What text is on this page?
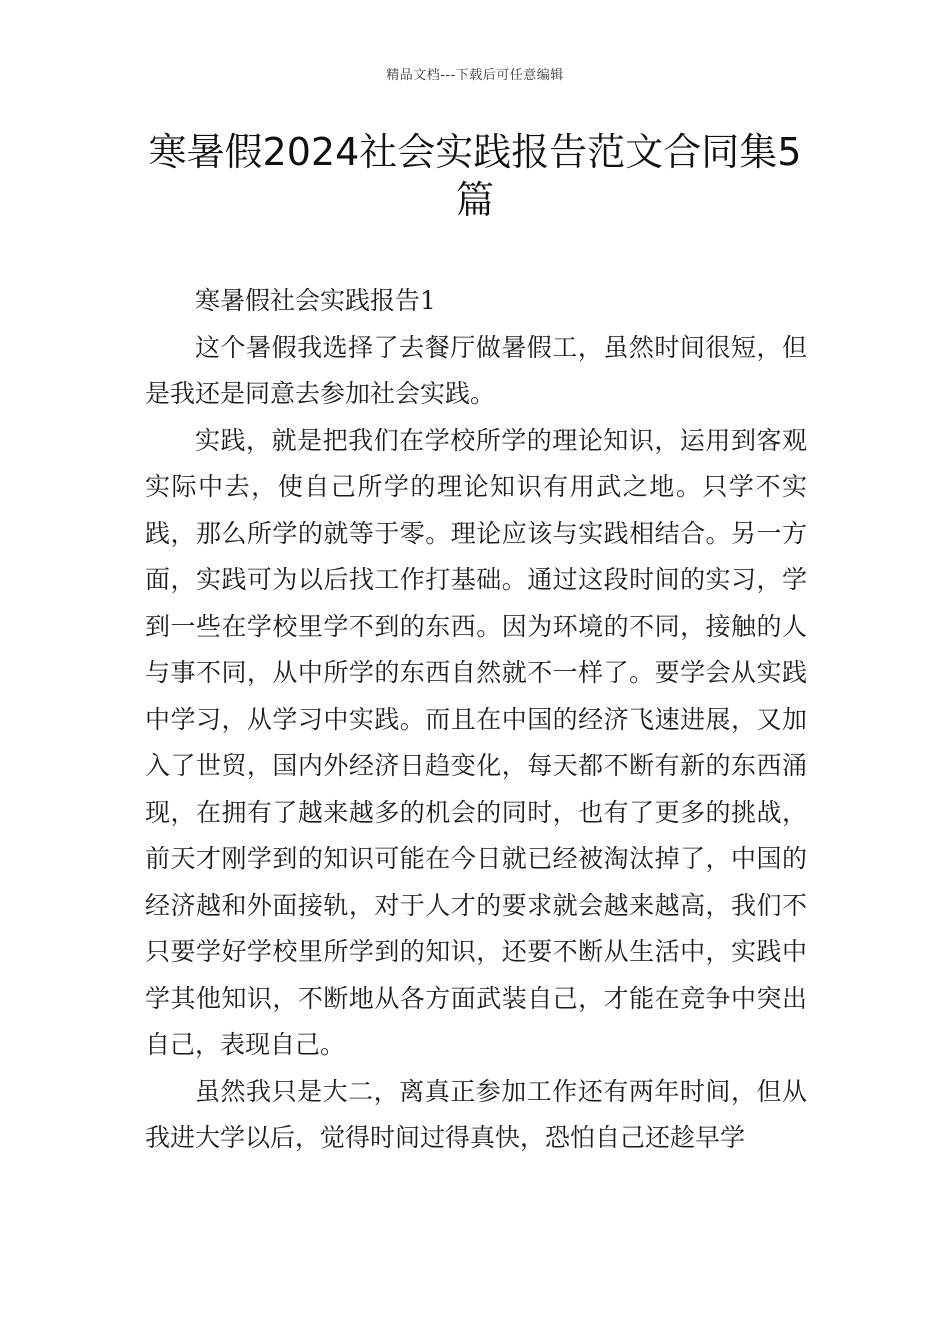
精品文档---下载后可任意编辑
寒暑假2024社会实践报告范文合同集5篇

寒暑假社会实践报告1

这个暑假我选择了去餐厅做暑假工，虽然时间很短，但是我还是同意去参加社会实践。

实践，就是把我们在学校所学的理论知识，运用到客观实际中去，使自己所学的理论知识有用武之地。只学不实践，那么所学的就等于零。理论应该与实践相结合。另一方面，实践可为以后找工作打基础。通过这段时间的实习，学到一些在学校里学不到的东西。因为环境的不同，接触的人与事不同，从中所学的东西自然就不一样了。要学会从实践中学习，从学习中实践。而且在中国的经济飞速进展，又加入了世贸，国内外经济日趋变化，每天都不断有新的东西涌现，在拥有了越来越多的机会的同时，也有了更多的挑战，前天才刚学到的知识可能在今日就已经被淘汰掉了，中国的经济越和外面接轨，对于人才的要求就会越来越高，我们不只要学好学校里所学到的知识，还要不断从生活中，实践中学其他知识，不断地从各方面武装自己，才能在竞争中突出自己，表现自己。

虽然我只是大二，离真正参加工作还有两年时间，但从我进大学以后，觉得时间过得真快，恐怕自己还趁早学
